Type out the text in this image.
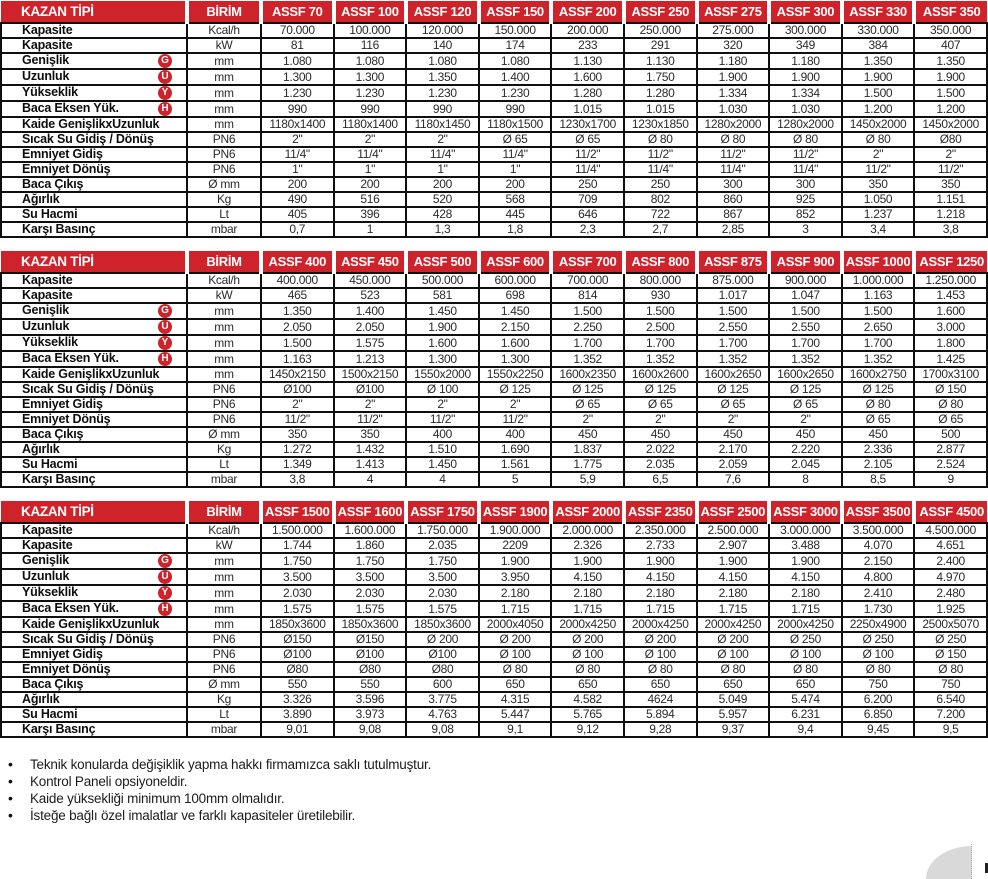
KAZAN TİPİ	BİRİM	ASSF 70	ASSF 100	ASSF 120	ASSF 150	ASSF 200	ASSF 250	ASSF 275	ASSF 300	ASSF 330	ASSF 350
Kapasite	Kcal/h	70.000	100.000	120.000	150.000	200.000	250.000	275.000	300.000	330.000	350.000
Kapasite	kW	81	116	140	174	233	291	320	349	384	407
Genişlik G	mm	1.080	1.080	1.080	1.080	1.130	1.130	1.180	1.180	1.350	1.350
Uzunluk U	mm	1.300	1.300	1.350	1.400	1.600	1.750	1.900	1.900	1.900	1.900
Yükseklik Y	mm	1.230	1.230	1.230	1.230	1.280	1.280	1.334	1.334	1.500	1.500
Baca Eksen Yük. H	mm	990	990	990	990	1.015	1.015	1.030	1.030	1.200	1.200
Kaide GenişlikxUzunluk	mm	1180x1400	1180x1400	1180x1450	1180x1500	1230x1700	1230x1850	1280x2000	1280x2000	1450x2000	1450x2000
Sıcak Su Gidiş / Dönüş	PN6	2"	2"	2"	Ø 65	Ø 65	Ø 80	Ø 80	Ø 80	Ø 80	Ø80
Emniyet Gidiş	PN6	11/4"	11/4"	11/4"	11/4"	11/2"	11/2"	11/2"	11/2"	2"	2"
Emniyet Dönüş	PN6	1"	1"	1"	1"	11/4"	11/4"	11/4"	11/4"	11/2"	11/2"
Baca Çıkış	Ø mm	200	200	200	200	250	250	300	300	350	350
Ağırlık	Kg	490	516	520	568	709	802	860	925	1.050	1.151
Su Hacmi	Lt	405	396	428	445	646	722	867	852	1.237	1.218
Karşı Basınç	mbar	0,7	1	1,3	1,8	2,3	2,7	2,85	3	3,4	3,8
KAZAN TİPİ	BİRİM	ASSF 400	ASSF 450	ASSF 500	ASSF 600	ASSF 700	ASSF 800	ASSF 875	ASSF 900	ASSF 1000	ASSF 1250
Kapasite	Kcal/h	400.000	450.000	500.000	600.000	700.000	800.000	875.000	900.000	1.000.000	1.250.000
Kapasite	kW	465	523	581	698	814	930	1.017	1.047	1.163	1.453
Genişlik G	mm	1.350	1.400	1.450	1.450	1.500	1.500	1.500	1.500	1.500	1.600
Uzunluk U	mm	2.050	2.050	1.900	2.150	2.250	2.500	2.550	2.550	2.650	3.000
Yükseklik Y	mm	1.500	1.575	1.600	1.600	1.700	1.700	1.700	1.700	1.700	1.800
Baca Eksen Yük. H	mm	1.163	1.213	1.300	1.300	1.352	1.352	1.352	1.352	1.352	1.425
Kaide GenişlikxUzunluk	mm	1450x2150	1500x2150	1550x2000	1550x2250	1600x2350	1600x2600	1600x2650	1600x2650	1600x2750	1700x3100
Sıcak Su Gidiş / Dönüş	PN6	Ø100	Ø100	Ø 100	Ø 125	Ø 125	Ø 125	Ø 125	Ø 125	Ø 125	Ø 150
Emniyet Gidiş	PN6	2"	2"	2"	2"	Ø 65	Ø 65	Ø 65	Ø 65	Ø 80	Ø 80
Emniyet Dönüş	PN6	11/2"	11/2"	11/2"	11/2"	2"	2"	2"	2"	Ø 65	Ø 65
Baca Çıkış	Ø mm	350	350	400	400	450	450	450	450	450	500
Ağırlık	Kg	1.272	1.432	1.510	1.690	1.837	2.022	2.170	2.220	2.336	2.877
Su Hacmi	Lt	1.349	1.413	1.450	1.561	1.775	2.035	2.059	2.045	2.105	2.524
Karşı Basınç	mbar	3,8	4	4	5	5,9	6,5	7,6	8	8,5	9
KAZAN TİPİ	BİRİM	ASSF 1500	ASSF 1600	ASSF 1750	ASSF 1900	ASSF 2000	ASSF 2350	ASSF 2500	ASSF 3000	ASSF 3500	ASSF 4500
Kapasite	Kcal/h	1.500.000	1.600.000	1.750.000	1.900.000	2.000.000	2.350.000	2.500.000	3.000.000	3.500.000	4.500.000
Kapasite	kW	1.744	1.860	2.035	2209	2.326	2.733	2.907	3.488	4.070	4.651
Genişlik G	mm	1.750	1.750	1.750	1.900	1.900	1.900	1.900	1.900	2.150	2.400
Uzunluk U	mm	3.500	3.500	3.500	3.950	4.150	4.150	4.150	4.150	4.800	4.970
Yükseklik Y	mm	2.030	2.030	2.030	2.180	2.180	2.180	2.180	2.180	2.410	2.480
Baca Eksen Yük. H	mm	1.575	1.575	1.575	1.715	1.715	1.715	1.715	1.715	1.730	1.925
Kaide GenişlikxUzunluk	mm	1850x3600	1850x3600	1850x3600	2000x4050	2000x4250	2000x4250	2000x4250	2000x4250	2250x4900	2500x5070
Sıcak Su Gidiş / Dönüş	PN6	Ø150	Ø150	Ø 200	Ø 200	Ø 200	Ø 200	Ø 200	Ø 250	Ø 250	Ø 250
Emniyet Gidiş	PN6	Ø100	Ø100	Ø100	Ø 100	Ø 100	Ø 100	Ø 100	Ø 100	Ø 100	Ø 150
Emniyet Dönüş	PN6	Ø80	Ø80	Ø80	Ø 80	Ø 80	Ø 80	Ø 80	Ø 80	Ø 80	Ø 80
Baca Çıkış	Ø mm	550	550	600	650	650	650	650	650	750	750
Ağırlık	Kg	3.326	3.596	3.775	4.315	4.582	4624	5.049	5.474	6.200	6.540
Su Hacmi	Lt	3.890	3.973	4.763	5.447	5.765	5.894	5.957	6.231	6.850	7.200
Karşı Basınç	mbar	9,01	9,08	9,08	9,1	9,12	9,28	9,37	9,4	9,45	9,5
• Teknik konularda değişiklik yapma hakkı firmamızca saklı tutulmuştur.
• Kontrol Paneli opsiyoneldir.
• Kaide yüksekliği minimum 100mm olmalıdır.
• İsteğe bağlı özel imalatlar ve farklı kapasiteler üretilebilir.
